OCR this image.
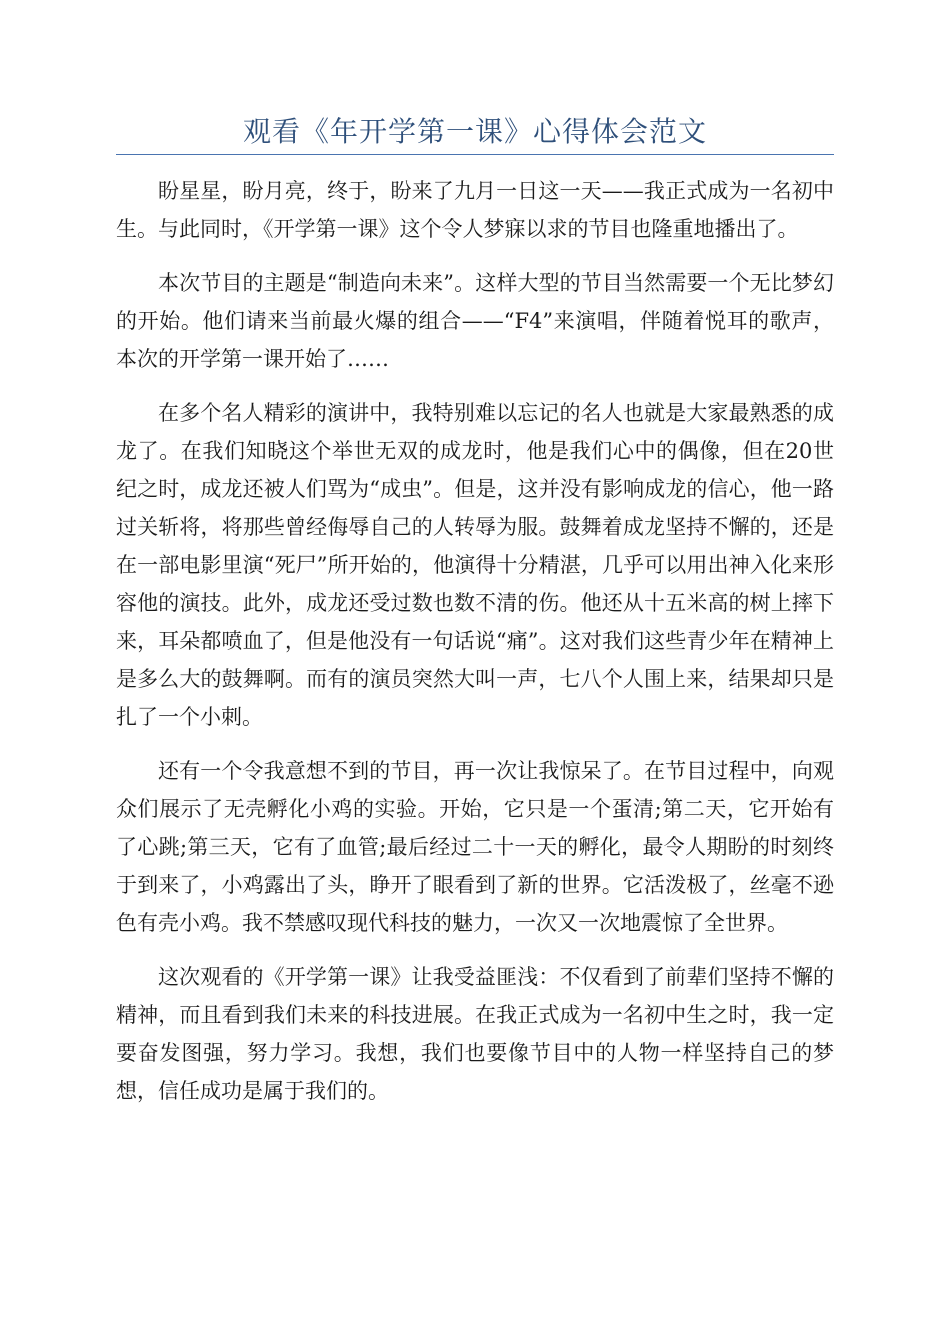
观看《年开学第一课》心得体会范文

盼星星，盼月亮，终于，盼来了九月一日这一天——我正式成为一名初中生。与此同时，《开学第一课》这个令人梦寐以求的节目也隆重地播出了。

本次节目的主题是“制造向未来”。这样大型的节目当然需要一个无比梦幻的开始。他们请来当前最火爆的组合——“F4”来演唱，伴随着悦耳的歌声，本次的开学第一课开始了……

在多个名人精彩的演讲中，我特别难以忘记的名人也就是大家最熟悉的成龙了。在我们知晓这个举世无双的成龙时，他是我们心中的偶像，但在20世纪之时，成龙还被人们骂为“成虫”。但是，这并没有影响成龙的信心，他一路过关斩将，将那些曾经侮辱自己的人转辱为服。鼓舞着成龙坚持不懈的，还是在一部电影里演“死尸”所开始的，他演得十分精湛，几乎可以用出神入化来形容他的演技。此外，成龙还受过数也数不清的伤。他还从十五米高的树上摔下来，耳朵都喷血了，但是他没有一句话说“痛”。这对我们这些青少年在精神上是多么大的鼓舞啊。而有的演员突然大叫一声，七八个人围上来，结果却只是扎了一个小刺。

还有一个令我意想不到的节目，再一次让我惊呆了。在节目过程中，向观众们展示了无壳孵化小鸡的实验。开始，它只是一个蛋清;第二天，它开始有了心跳;第三天，它有了血管;最后经过二十一天的孵化，最令人期盼的时刻终于到来了，小鸡露出了头，睁开了眼看到了新的世界。它活泼极了，丝毫不逊色有壳小鸡。我不禁感叹现代科技的魅力，一次又一次地震惊了全世界。

这次观看的《开学第一课》让我受益匪浅：不仅看到了前辈们坚持不懈的精神，而且看到我们未来的科技进展。在我正式成为一名初中生之时，我一定要奋发图强，努力学习。我想，我们也要像节目中的人物一样坚持自己的梦想，信任成功是属于我们的。
